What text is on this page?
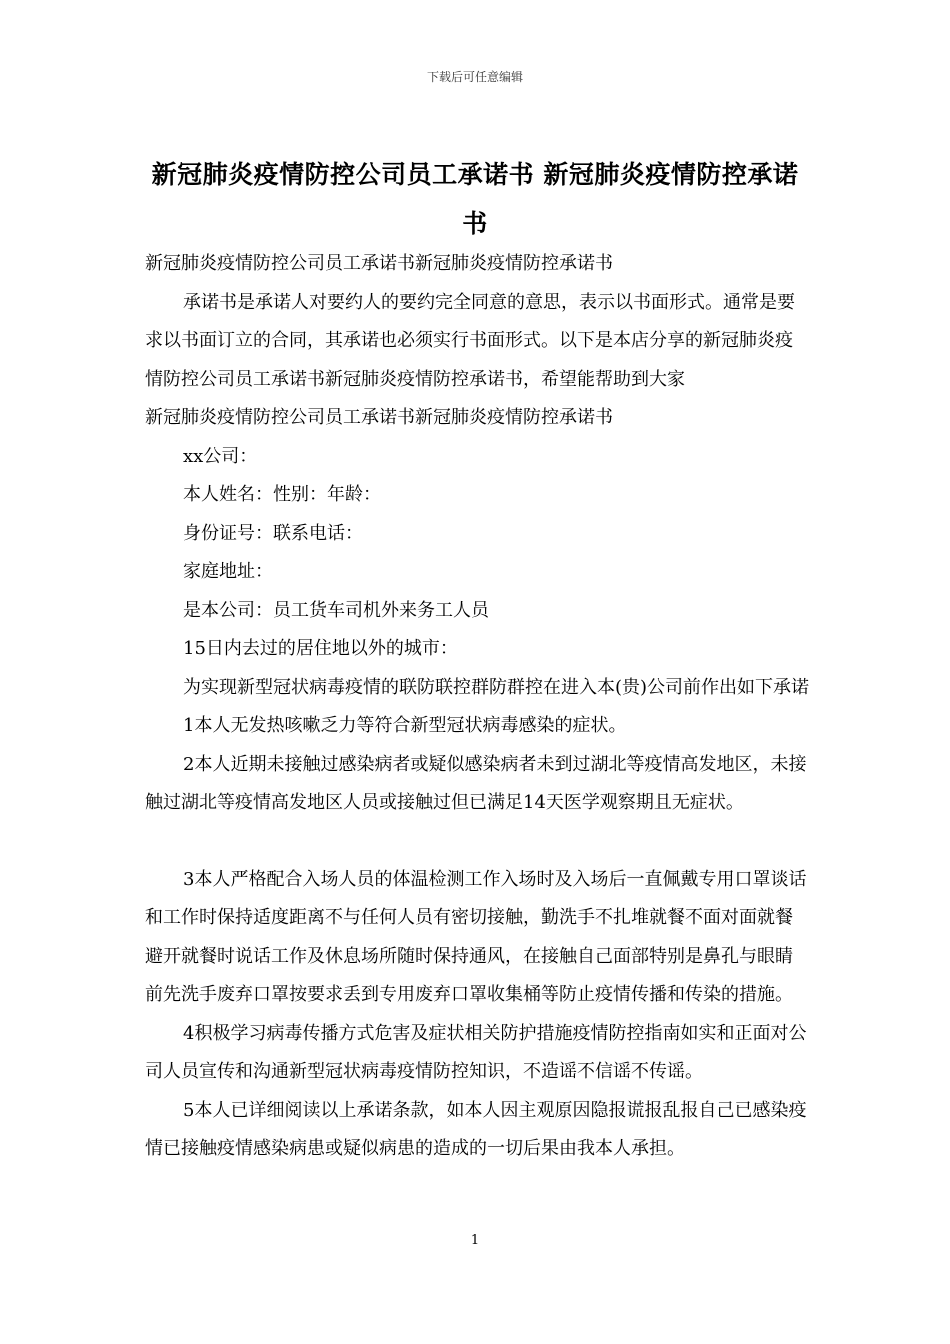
下载后可任意编辑
新冠肺炎疫情防控公司员工承诺书 新冠肺炎疫情防控承诺书

新冠肺炎疫情防控公司员工承诺书新冠肺炎疫情防控承诺书

承诺书是承诺人对要约人的要约完全同意的意思，表示以书面形式。通常是要求以书面订立的合同，其承诺也必须实行书面形式。以下是本店分享的新冠肺炎疫情防控公司员工承诺书新冠肺炎疫情防控承诺书，希望能帮助到大家

新冠肺炎疫情防控公司员工承诺书新冠肺炎疫情防控承诺书

xx公司：

本人姓名：性别：年龄：

身份证号：联系电话：

家庭地址：

是本公司：员工货车司机外来务工人员

15日内去过的居住地以外的城市：

为实现新型冠状病毒疫情的联防联控群防群控在进入本(贵)公司前作出如下承诺

1本人无发热咳嗽乏力等符合新型冠状病毒感染的症状。

2本人近期未接触过感染病者或疑似感染病者未到过湖北等疫情高发地区，未接触过湖北等疫情高发地区人员或接触过但已满足14天医学观察期且无症状。

3本人严格配合入场人员的体温检测工作入场时及入场后一直佩戴专用口罩谈话和工作时保持适度距离不与任何人员有密切接触，勤洗手不扎堆就餐不面对面就餐避开就餐时说话工作及休息场所随时保持通风，在接触自己面部特别是鼻孔与眼睛前先洗手废弃口罩按要求丢到专用废弃口罩收集桶等防止疫情传播和传染的措施。

4积极学习病毒传播方式危害及症状相关防护措施疫情防控指南如实和正面对公司人员宣传和沟通新型冠状病毒疫情防控知识，不造谣不信谣不传谣。

5本人已详细阅读以上承诺条款，如本人因主观原因隐报谎报乱报自己已感染疫情已接触疫情感染病患或疑似病患的造成的一切后果由我本人承担。

1
